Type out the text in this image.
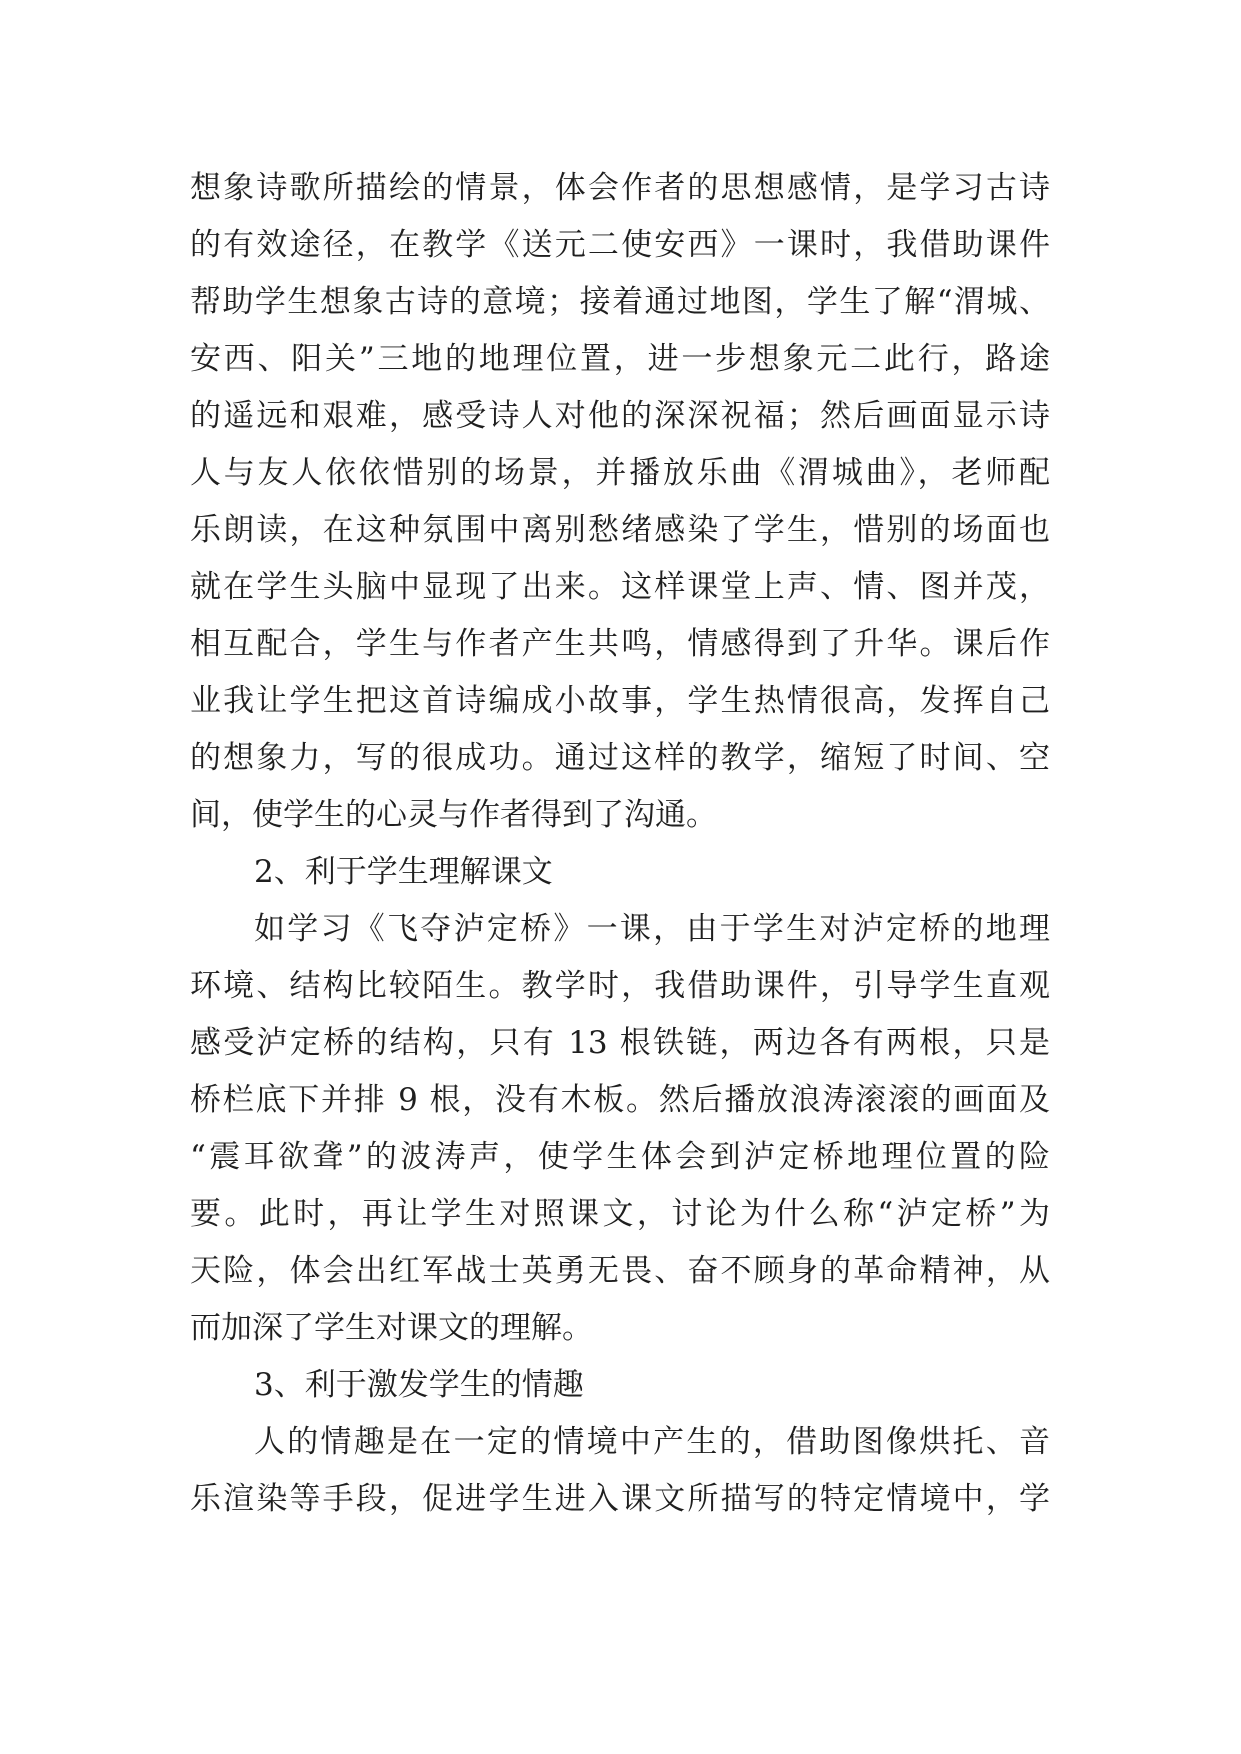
想象诗歌所描绘的情景，体会作者的思想感情，是学习古诗
的有效途径，在教学《送元二使安西》一课时，我借助课件
帮助学生想象古诗的意境；接着通过地图，学生了解“渭城、
安西、阳关”三地的地理位置，进一步想象元二此行，路途
的遥远和艰难，感受诗人对他的深深祝福；然后画面显示诗
人与友人依依惜别的场景，并播放乐曲《渭城曲》，老师配
乐朗读，在这种氛围中离别愁绪感染了学生，惜别的场面也
就在学生头脑中显现了出来。这样课堂上声、情、图并茂，
相互配合，学生与作者产生共鸣，情感得到了升华。课后作
业我让学生把这首诗编成小故事，学生热情很高，发挥自己
的想象力，写的很成功。通过这样的教学，缩短了时间、空
间，使学生的心灵与作者得到了沟通。
2、利于学生理解课文
如学习《飞夺泸定桥》一课，由于学生对泸定桥的地理
环境、结构比较陌生。教学时，我借助课件，引导学生直观
感受泸定桥的结构，只有 13 根铁链，两边各有两根，只是
桥栏底下并排 9 根，没有木板。然后播放浪涛滚滚的画面及
“震耳欲聋”的波涛声，使学生体会到泸定桥地理位置的险
要。此时，再让学生对照课文，讨论为什么称“泸定桥”为
天险，体会出红军战士英勇无畏、奋不顾身的革命精神，从
而加深了学生对课文的理解。
3、利于激发学生的情趣
人的情趣是在一定的情境中产生的，借助图像烘托、音
乐渲染等手段，促进学生进入课文所描写的特定情境中，学
